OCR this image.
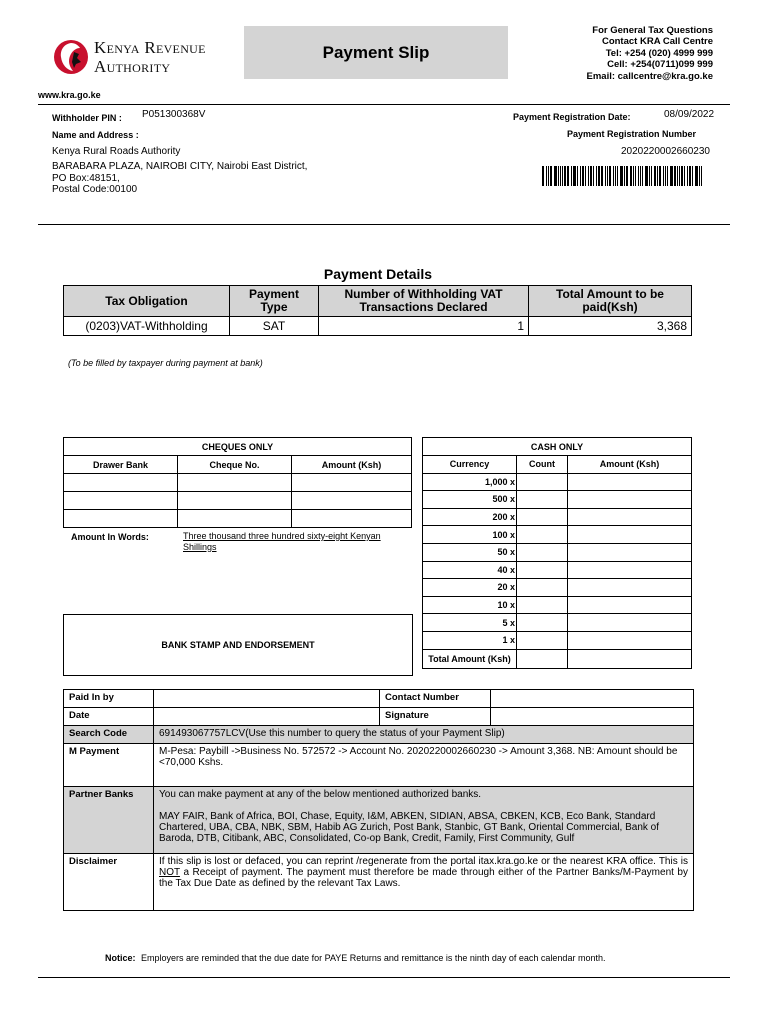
Kenya Revenue
Authority
Payment Slip
For General Tax Questions
Contact KRA Call Centre
Tel: +254 (020) 4999 999
Cell: +254(0711)099 999
Email: callcentre@kra.go.ke
www.kra.go.ke
Withholder PIN : P051300368V
Name and Address :
Kenya Rural Roads Authority
BARABARA PLAZA, NAIROBI CITY, Nairobi East District,
PO Box:48151,
Postal Code:00100
Payment Registration Date:	08/09/2022
Payment Registration Number
2020220002660230
Payment Details
Tax Obligation	Payment Type	Number of Withholding VAT Transactions Declared	Total Amount to be paid(Ksh)
(0203)VAT-Withholding	SAT	1	3,368
(To be filled by taxpayer during payment at bank)
CHEQUES ONLY		
Drawer Bank	Cheque No.	Amount (Ksh)

Amount In Words:	Three thousand three hundred sixty-eight Kenyan Shillings
BANK STAMP AND ENDORSEMENT
CASH ONLY		
Currency	Count	Amount (Ksh)
1,000 x		
500 x		
200 x		
100 x		
50 x		
40 x		
20 x		
10 x		
5 x		
1 x		
Total Amount (Ksh)		
Paid In by		Contact Number	
Date		Signature	
Search Code	691493067757LCV(Use this number to query the status of your Payment Slip)		
M Payment	M-Pesa: Paybill ->Business No. 572572 -> Account No. 2020220002660230 -> Amount 3,368. NB: Amount should be <70,000 Kshs.		
Partner Banks	You can make payment at any of the below mentioned authorized banks.

MAY FAIR, Bank of Africa, BOI, Chase, Equity, I&M, ABKEN, SIDIAN, ABSA, CBKEN, KCB, Eco Bank, Standard Chartered, UBA, CBA, NBK, SBM, Habib AG Zurich, Post Bank, Stanbic, GT Bank, Oriental Commercial, Bank of Baroda, DTB, Citibank, ABC, Consolidated, Co-op Bank, Credit, Family, First Community, Gulf		

Disclaimer	If this slip is lost or defaced, you can reprint /regenerate from the portal itax.kra.go.ke or the nearest KRA office. This is NOT a Receipt of payment. The payment must therefore be made through either of the Partner Banks/M-Payment by the Tax Due Date as defined by the relevant Tax Laws.		
Notice: Employers are reminded that the due date for PAYE Returns and remittance is the ninth day of each calendar month.
